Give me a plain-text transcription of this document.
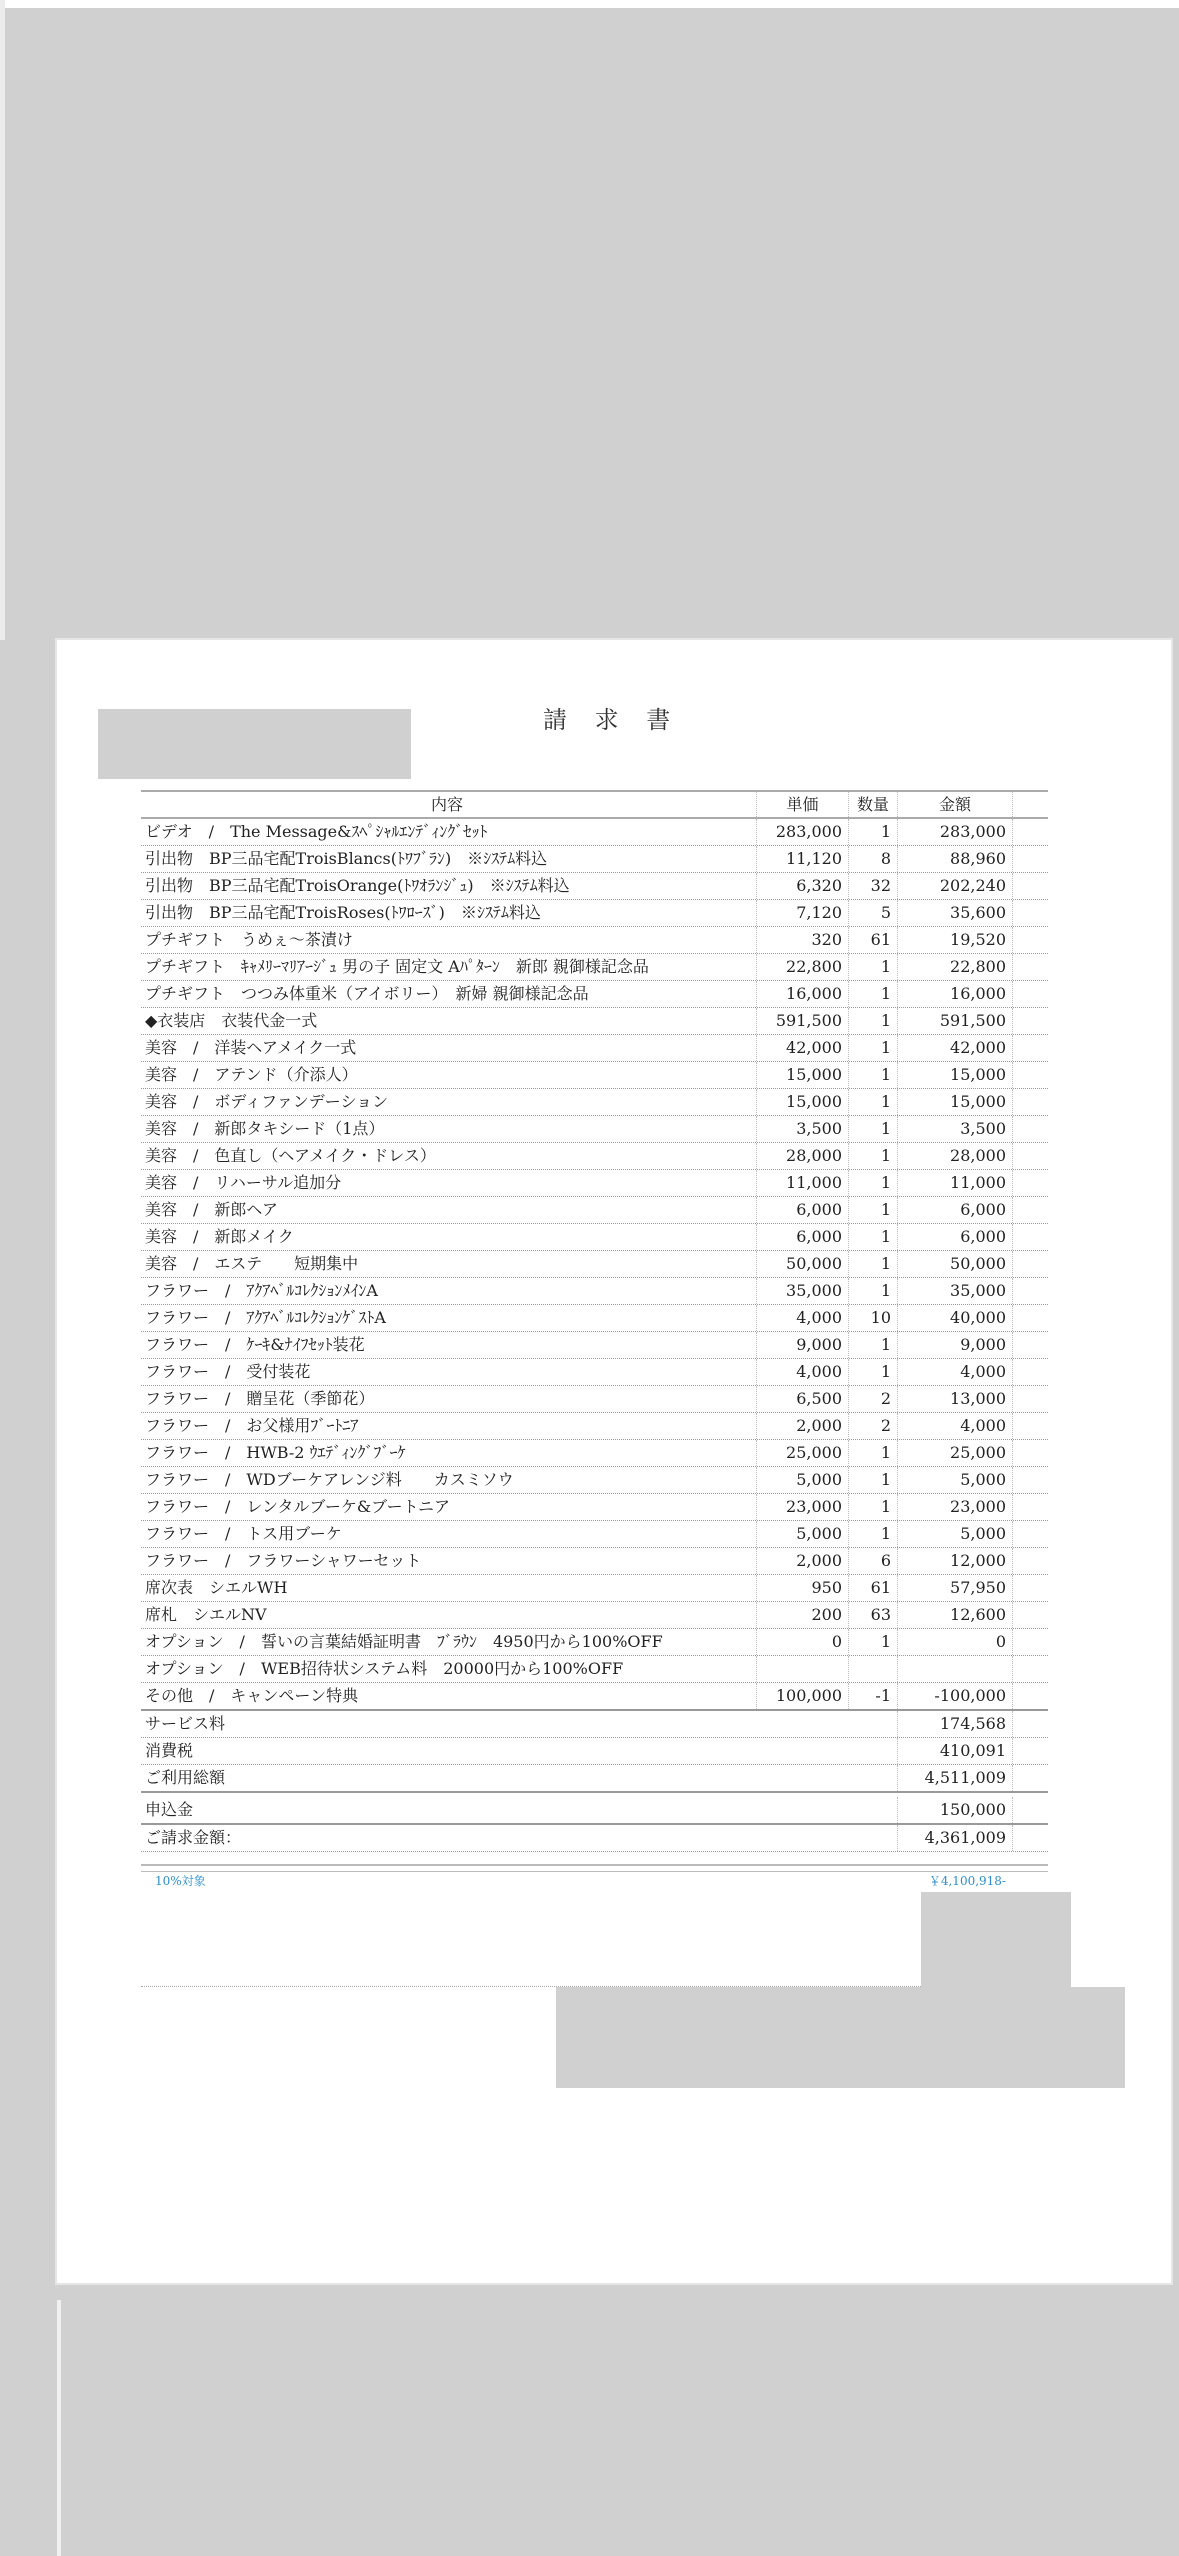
請 求 書
内容	単価	数量	金額
ビデオ　/　The Message&ｽﾍﾟｼｬﾙｴﾝﾃﾞｨﾝｸﾞｾｯﾄ	283,000	1	283,000
引出物　BP三品宅配TroisBlancs(ﾄﾜﾌﾞﾗﾝ)　※ｼｽﾃﾑ料込	11,120	8	88,960
引出物　BP三品宅配TroisOrange(ﾄﾜｵﾗﾝｼﾞｭ)　※ｼｽﾃﾑ料込	6,320	32	202,240
引出物　BP三品宅配TroisRoses(ﾄﾜﾛｰｽﾞ)　※ｼｽﾃﾑ料込	7,120	5	35,600
プチギフト　うめぇ～茶漬け	320	61	19,520
プチギフト　ｷｬﾒﾘｰﾏﾘｱｰｼﾞｭ 男の子 固定文 Aﾊﾟﾀｰﾝ　新郎 親御様記念品	22,800	1	22,800
プチギフト　つつみ体重米（アイボリー）　新婦 親御様記念品	16,000	1	16,000
◆衣装店　衣装代金一式	591,500	1	591,500
美容　/　洋装ヘアメイク一式	42,000	1	42,000
美容　/　アテンド（介添人）	15,000	1	15,000
美容　/　ボディファンデーション	15,000	1	15,000
美容　/　新郎タキシード（1点）	3,500	1	3,500
美容　/　色直し（ヘアメイク・ドレス）	28,000	1	28,000
美容　/　リハーサル追加分	11,000	1	11,000
美容　/　新郎ヘア	6,000	1	6,000
美容　/　新郎メイク	6,000	1	6,000
美容　/　エステ　　短期集中	50,000	1	50,000
フラワー　/　ｱｸｱﾍﾞﾙｺﾚｸｼｮﾝﾒｲﾝA	35,000	1	35,000
フラワー　/　ｱｸｱﾍﾞﾙｺﾚｸｼｮﾝｹﾞｽﾄA	4,000	10	40,000
フラワー　/　ｹｰｷ&ﾅｲﾌｾｯﾄ装花	9,000	1	9,000
フラワー　/　受付装花	4,000	1	4,000
フラワー　/　贈呈花（季節花）	6,500	2	13,000
フラワー　/　お父様用ﾌﾞｰﾄﾆｱ	2,000	2	4,000
フラワー　/　HWB-2 ｳｴﾃﾞｨﾝｸﾞﾌﾞｰｹ	25,000	1	25,000
フラワー　/　WDブーケアレンジ料　　カスミソウ	5,000	1	5,000
フラワー　/　レンタルブーケ&ブートニア	23,000	1	23,000
フラワー　/　トス用ブーケ	5,000	1	5,000
フラワー　/　フラワーシャワーセット	2,000	6	12,000
席次表　シエルWH	950	61	57,950
席札　シエルNV	200	63	12,600
オプション　/　誓いの言葉結婚証明書　ﾌﾞﾗｳﾝ　4950円から100%OFF	0	1	0
オプション　/　WEB招待状システム料　20000円から100%OFF
その他　/　キャンペーン特典	100,000	-1	-100,000
サービス料	174,568
消費税	410,091
ご利用総額	4,511,009
申込金	150,000
ご請求金額：	4,361,009
10%対象	￥4,100,918-
